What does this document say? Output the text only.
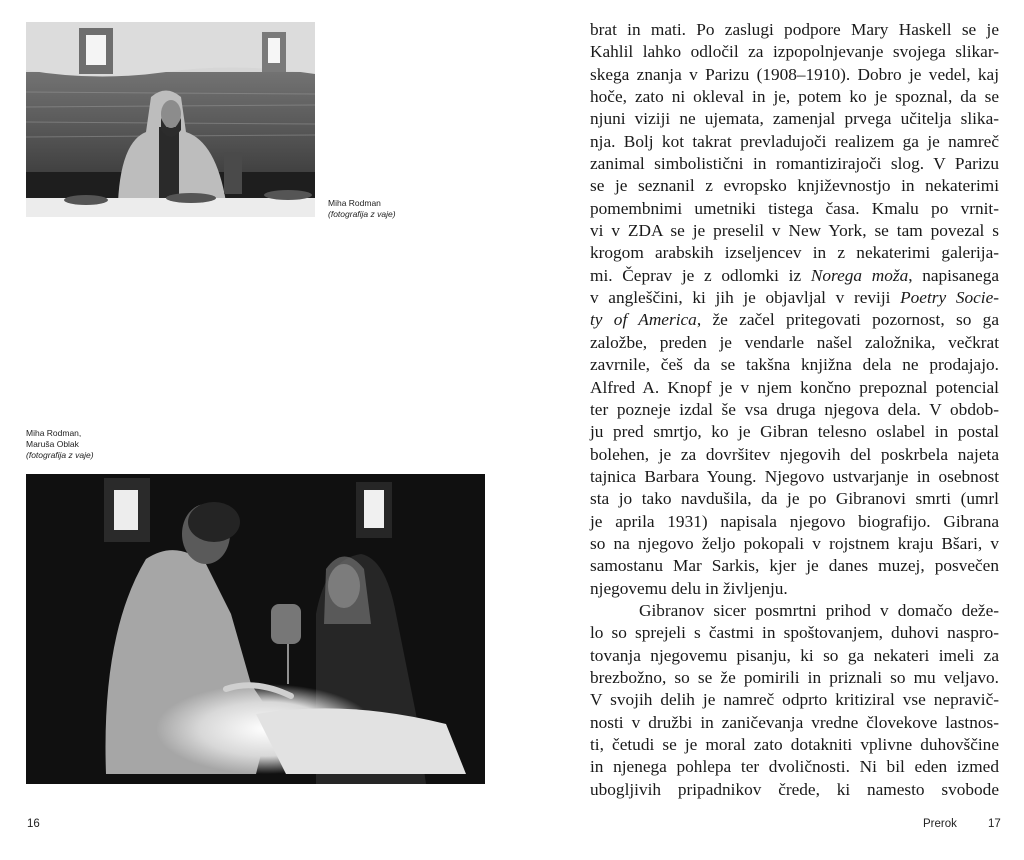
Miha Rodman
(fotografija z vaje)
Miha Rodman,
Maruša Oblak
(fotografija z vaje)
brat in mati. Po zaslugi podpore Mary Haskell se je
Kahlil lahko odločil za izpopolnjevanje svojega slikar-
skega znanja v Parizu (1908–1910). Dobro je vedel, kaj
hoče, zato ni okleval in je, potem ko je spoznal, da se
njuni viziji ne ujemata, zamenjal prvega učitelja slika-
nja. Bolj kot takrat prevladujoči realizem ga je namreč
zanimal simbolistični in romantizirajoči slog. V Parizu
se je seznanil z evropsko književnostjo in nekaterimi
pomembnimi umetniki tistega časa. Kmalu po vrnit-
vi v ZDA se je preselil v New York, se tam povezal s
krogom arabskih izseljencev in z nekaterimi galerija-
mi. Čeprav je z odlomki iz Norega moža, napisanega
v angleščini, ki jih je objavljal v reviji Poetry Socie-
ty of America, že začel pritegovati pozornost, so ga
založbe, preden je vendarle našel založnika, večkrat
zavrnile, češ da se takšna knjižna dela ne prodajajo.
Alfred A. Knopf je v njem končno prepoznal potencial
ter pozneje izdal še vsa druga njegova dela. V obdob-
ju pred smrtjo, ko je Gibran telesno oslabel in postal
bolehen, je za dovršitev njegovih del poskrbela najeta
tajnica Barbara Young. Njegovo ustvarjanje in osebnost
sta jo tako navdušila, da je po Gibranovi smrti (umrl
je aprila 1931) napisala njegovo biografijo. Gibrana
so na njegovo željo pokopali v rojstnem kraju Bšari, v
samostanu Mar Sarkis, kjer je danes muzej, posvečen
njegovemu delu in življenju.
Gibranov sicer posmrtni prihod v domačo deže-
lo so sprejeli s častmi in spoštovanjem, duhovi naspro-
tovanja njegovemu pisanju, ki so ga nekateri imeli za
brezbožno, so se že pomirili in priznali so mu veljavo.
V svojih delih je namreč odprto kritiziral vse nepravič-
nosti v družbi in zaničevanja vredne človekove lastnos-
ti, četudi se je moral zato dotakniti vplivne duhovščine
in njenega pohlepa ter dvoličnosti. Ni bil eden izmed
ubogljivih pripadnikov črede, ki namesto svobode
16	Prerok	17
